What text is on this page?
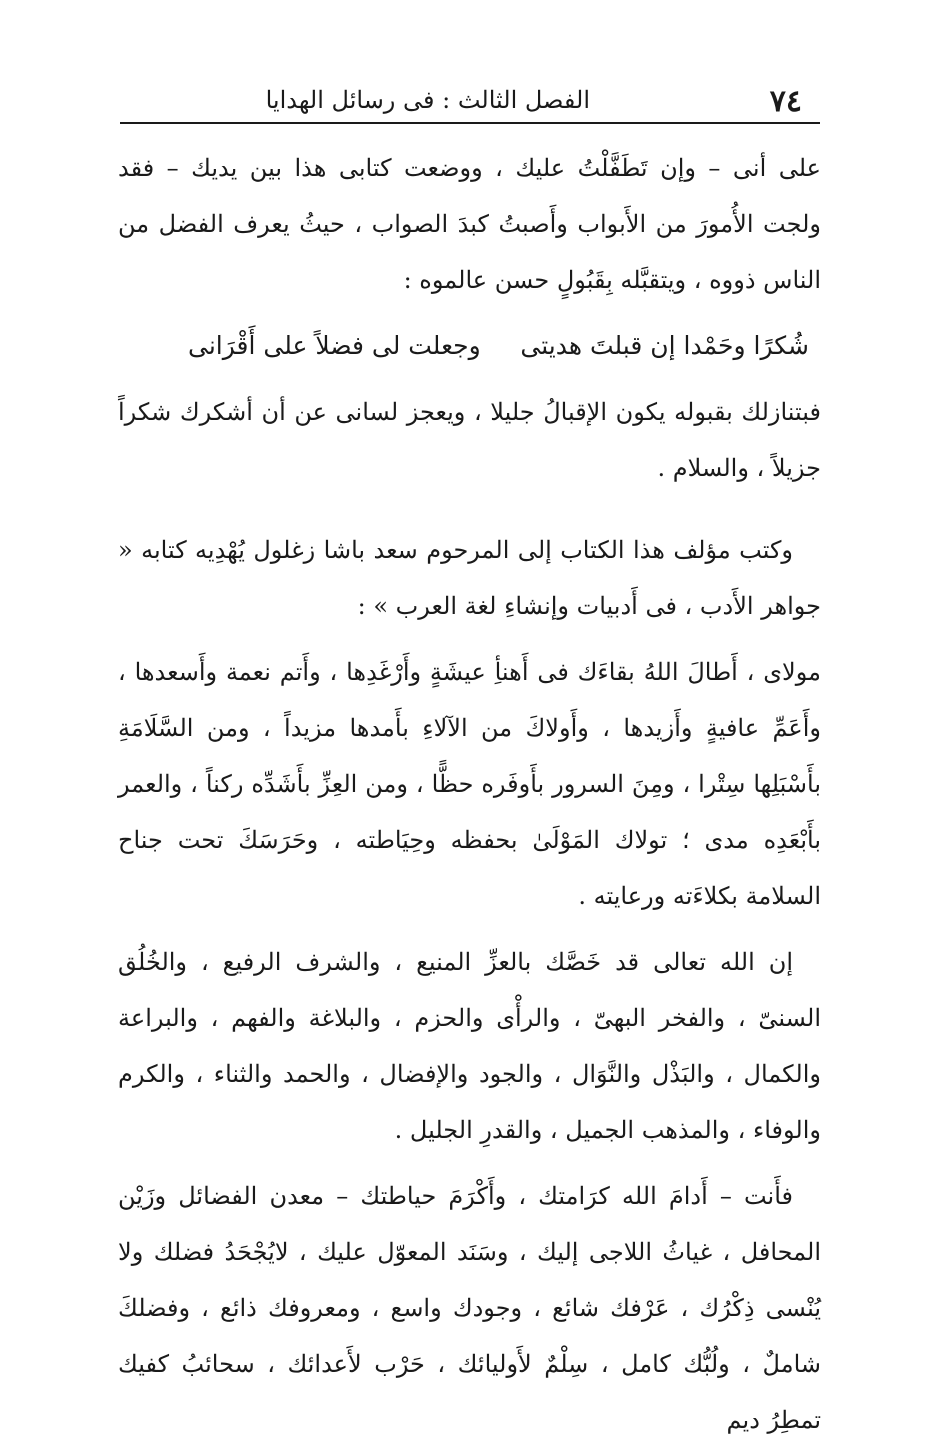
٧٤
الفصل الثالث : فى رسائل الهدايا

على أنى – وإن تَطَفَّلْتُ عليك ، ووضعت كتابى هذا بين يديك – فقد ولجت الأُمورَ من الأَبواب وأَصبتُ كبدَ الصواب ، حيثُ يعرف الفضل من الناس ذووه ، ويتقبَّله بِقَبُولٍ حسن عالموه :

شُكرًا وحَمْدا إن قبلتَ هديتى
وجعلت لى فضلاً على أَقْرَانى

فبتنازلك بقبوله يكون الإقبالُ جليلا ، ويعجز لسانى عن أن أشكرك شكراً جزيلاً ، والسلام .

وكتب مؤلف هذا الكتاب إلى المرحوم سعد باشا زغلول يُهْدِيه كتابه « جواهر الأَدب ، فى أَدبيات وإنشاءِ لغة العرب » :

مولاى ، أَطالَ اللهُ بقاءَك فى أَهنأِ عيشَةٍ وأَرْغَدِها ، وأَتم نعمة وأَسعدها ، وأَعَمِّ عافيةٍ وأَزيدها ، وأَولاكَ من الآلاءِ بأَمدها مزيداً ، ومن السَّلَامَةِ بأَسْبَلِها سِتْرا ، ومِنَ السرور بأَوفَره حظًّا ، ومن العِزِّ بأَشَدِّه ركناً ، والعمر بأَبْعَدِه مدى ؛ تولاك المَوْلَىٰ بحفظه وحِيَاطته ، وحَرَسَكَ تحت جناح السلامة بكلاءَته ورعايته .

إن الله تعالى قد خَصَّك بالعزِّ المنيع ، والشرف الرفيع ، والخُلُق السنىّ ، والفخر البهىّ ، والرأْى والحزم ، والبلاغة والفهم ، والبراعة والكمال ، والبَذْل والنَّوَال ، والجود والإفضال ، والحمد والثناء ، والكرم والوفاء ، والمذهب الجميل ، والقدرِ الجليل .

فأَنت – أَدامَ الله كرَامتك ، وأَكْرَمَ حياطتك – معدن الفضائل وزَيْن المحافل ، غياثُ اللاجى إليك ، وسَنَد المعوّل عليك ، لايُجْحَدُ فضلك ولا يُنْسى ذِكْرُك ، عَرْفك شائع ، وجودك واسع ، ومعروفك ذائع ، وفضلكَ شاملٌ ، ولُبُّك كامل ، سِلْمٌ لأَوليائك ، حَرْب لأَعدائك ، سحائبُ كفيك تمطِرُ ديم
